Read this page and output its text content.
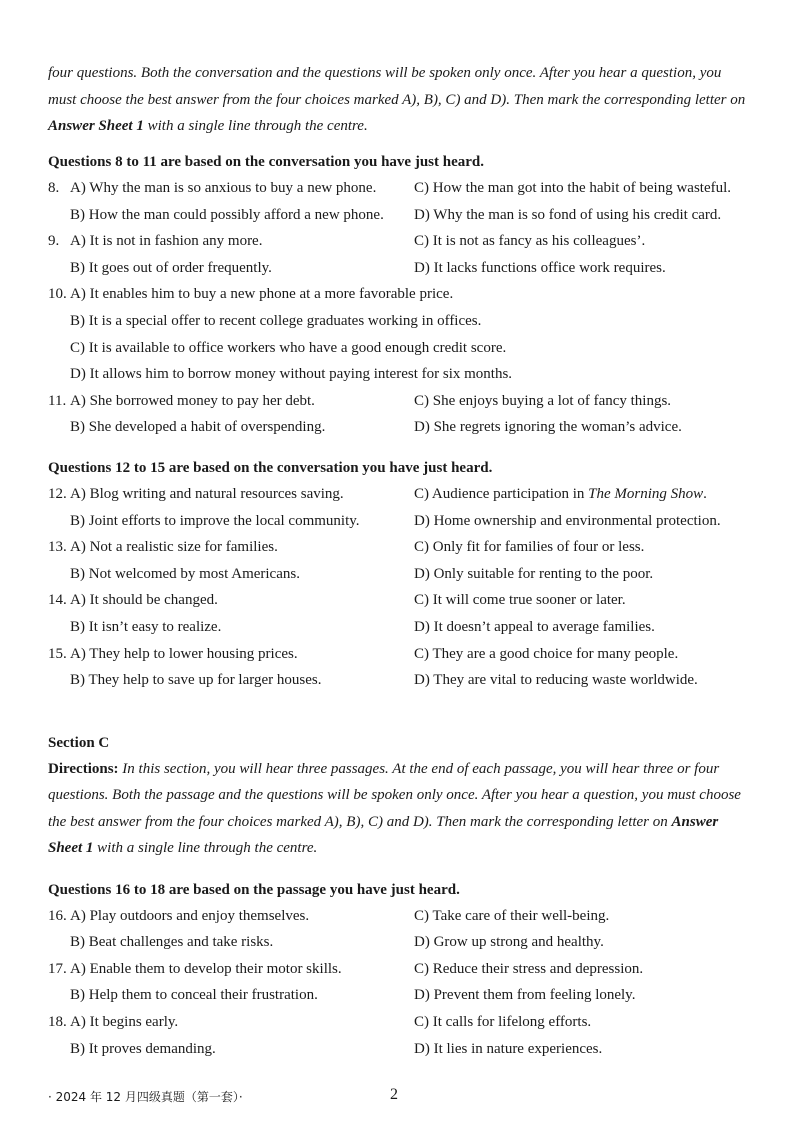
four questions. Both the conversation and the questions will be spoken only once. After you hear a question, you must choose the best answer from the four choices marked A), B), C) and D). Then mark the corresponding letter on Answer Sheet 1 with a single line through the centre.

Questions 8 to 11 are based on the conversation you have just heard.
8. A) Why the man is so anxious to buy a new phone.	C) How the man got into the habit of being wasteful.
B) How the man could possibly afford a new phone. D) Why the man is so fond of using his credit card.
9. A) It is not in fashion any more.	C) It is not as fancy as his colleagues’.
B) It goes out of order frequently.	D) It lacks functions office work requires.
10. A) It enables him to buy a new phone at a more favorable price.
B) It is a special offer to recent college graduates working in offices.
C) It is available to office workers who have a good enough credit score.
D) It allows him to borrow money without paying interest for six months.
11. A) She borrowed money to pay her debt.	C) She enjoys buying a lot of fancy things.
B) She developed a habit of overspending.	D) She regrets ignoring the woman’s advice.
Questions 12 to 15 are based on the conversation you have just heard.
12. A) Blog writing and natural resources saving.	C) Audience participation in The Morning Show.
B) Joint efforts to improve the local community.	D) Home ownership and environmental protection.
13. A) Not a realistic size for families.	C) Only fit for families of four or less.
B) Not welcomed by most Americans.	D) Only suitable for renting to the poor.
14. A) It should be changed.	C) It will come true sooner or later.
B) It isn’t easy to realize.	D) It doesn’t appeal to average families.
15. A) They help to lower housing prices.	C) They are a good choice for many people.
B) They help to save up for larger houses.	D) They are vital to reducing waste worldwide.
Section C

Directions: In this section, you will hear three passages. At the end of each passage, you will hear three or four questions. Both the passage and the questions will be spoken only once. After you hear a question, you must choose the best answer from the four choices marked A), B), C) and D). Then mark the corresponding letter on Answer Sheet 1 with a single line through the centre.

Questions 16 to 18 are based on the passage you have just heard.
16. A) Play outdoors and enjoy themselves.	C) Take care of their well-being.
B) Beat challenges and take risks.	D) Grow up strong and healthy.
17. A) Enable them to develop their motor skills.	C) Reduce their stress and depression.
B) Help them to conceal their frustration.	D) Prevent them from feeling lonely.
18. A) It begins early.	C) It calls for lifelong efforts.
B) It proves demanding.	D) It lies in nature experiences.
· 2024 年 12 月四级真题（第一套）·	2
